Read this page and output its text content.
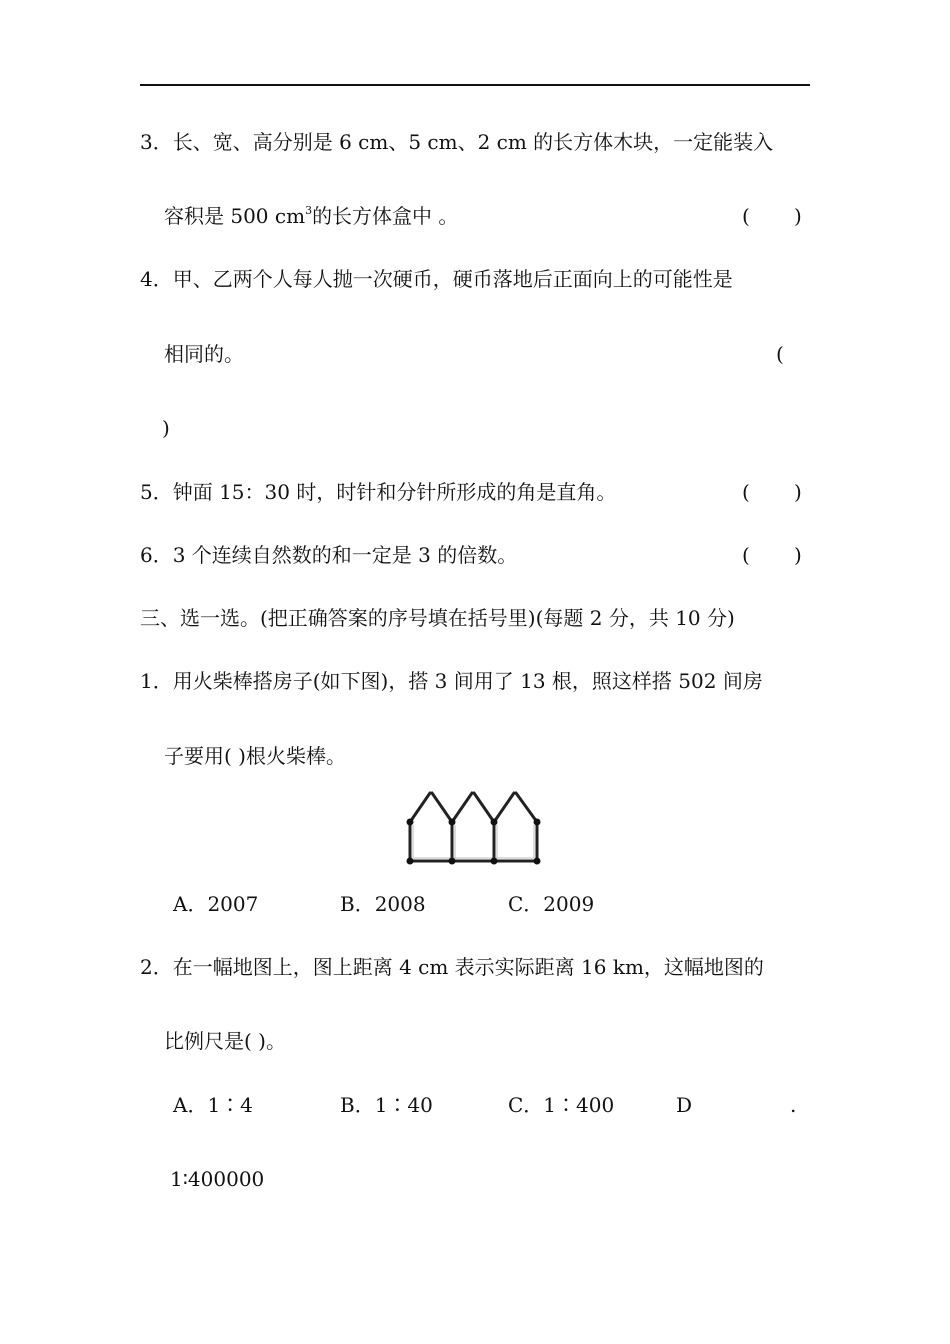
3．长、宽、高分别是 6 cm、5 cm、2 cm 的长方体木块，一定能装入
容积是 500 $cm^3$的长方体盒中 。	( )
4．甲、乙两个人每人抛一次硬币，硬币落地后正面向上的可能性是
相同的。	(
)
5．钟面 15：30 时，时针和分针所形成的角是直角。	( )
6．3 个连续自然数的和一定是 3 的倍数。	( )
三、选一选。(把正确答案的序号填在括号里)(每题 2 分，共 10 分)
1．用火柴棒搭房子(如下图)，搭 3 间用了 13 根，照这样搭 502 间房
子要用( )根火柴棒。
A．2007	B．2008	C．2009
2．在一幅地图上，图上距离 4 cm 表示实际距离 16 km，这幅地图的
比例尺是( )。
A．1∶4	B．1∶40	C．1∶400	D	.
1∶400000
